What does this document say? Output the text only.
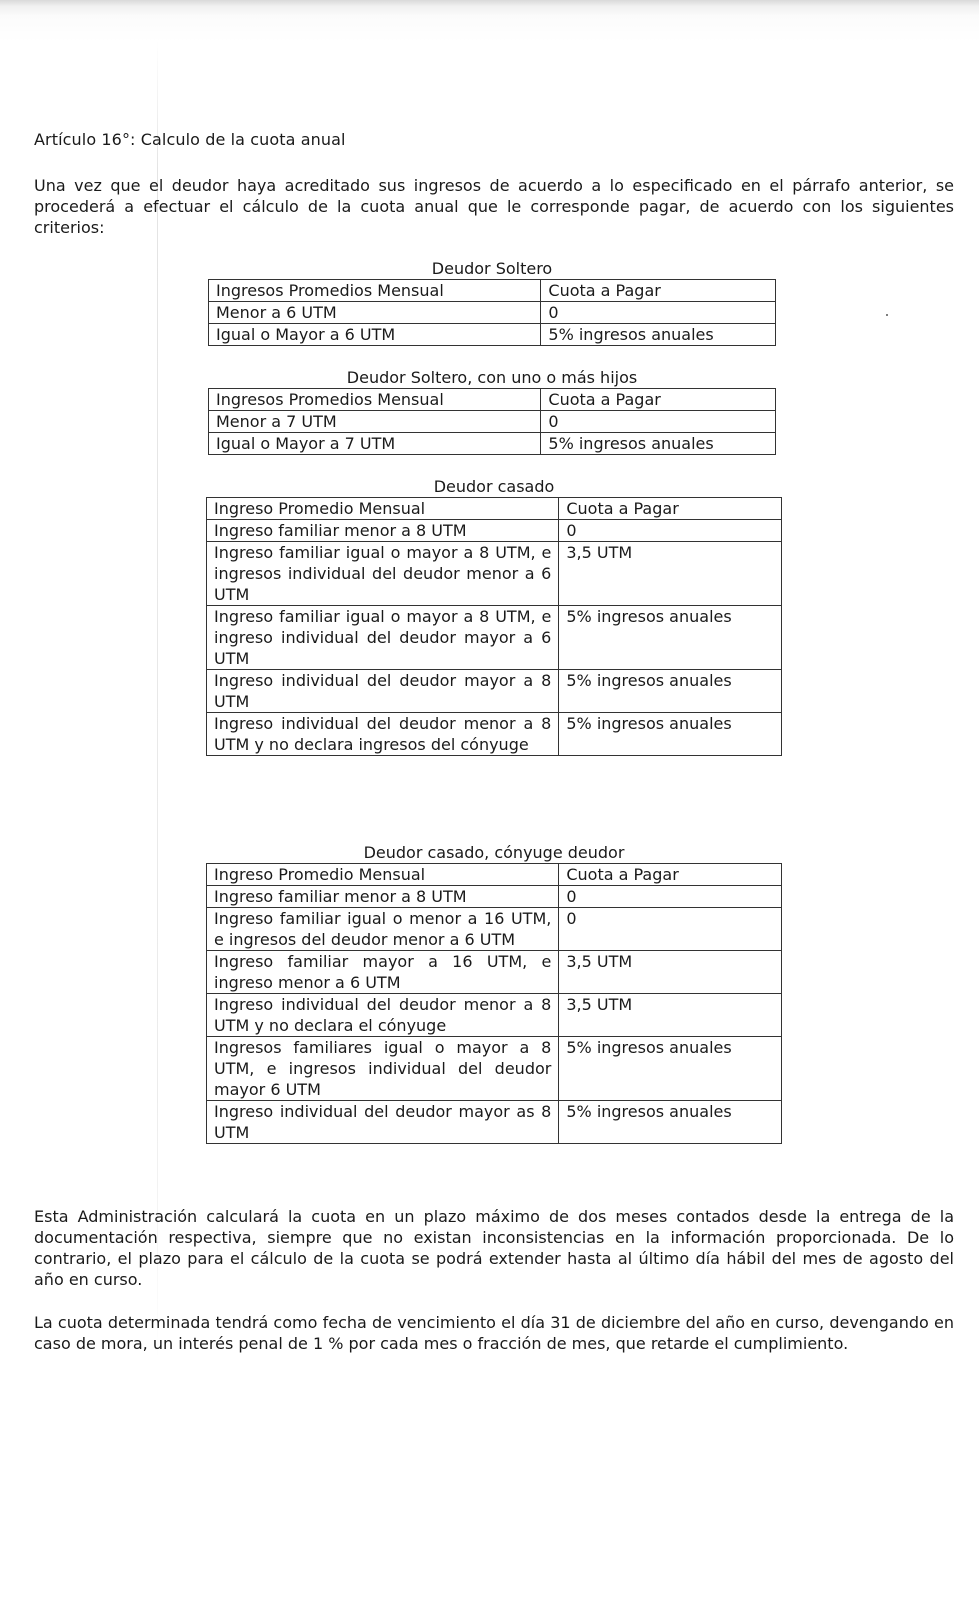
Artículo 16°: Calculo de la cuota anual

Una vez que el deudor haya acreditado sus ingresos de acuerdo a lo especificado en el párrafo anterior, se procederá a efectuar el cálculo de la cuota anual que le corresponde pagar, de acuerdo con los siguientes criterios:

Deudor Soltero
Ingresos Promedios Mensual	Cuota a Pagar
Menor a 6 UTM	0
Igual o Mayor a 6 UTM	5% ingresos anuales
Deudor Soltero, con uno o más hijos
Ingresos Promedios Mensual	Cuota a Pagar
Menor a 7 UTM	0
Igual o Mayor a 7 UTM	5% ingresos anuales
Deudor casado
Ingreso Promedio Mensual	Cuota a Pagar
Ingreso familiar menor a 8 UTM	0
Ingreso familiar igual o mayor a 8 UTM, e ingresos individual del deudor menor a 6 UTM	3,5 UTM
Ingreso familiar igual o mayor a 8 UTM, e ingreso individual del deudor mayor a 6 UTM	5% ingresos anuales
Ingreso individual del deudor mayor a 8 UTM	5% ingresos anuales
Ingreso individual del deudor menor a 8 UTM y no declara ingresos del cónyuge	5% ingresos anuales
Deudor casado, cónyuge deudor
Ingreso Promedio Mensual	Cuota a Pagar
Ingreso familiar menor a 8 UTM	0
Ingreso familiar igual o menor a 16 UTM, e ingresos del deudor menor a 6 UTM	0
Ingreso familiar mayor a 16 UTM, e ingreso menor a 6 UTM	3,5 UTM
Ingreso individual del deudor menor a 8 UTM y no declara el cónyuge	3,5 UTM
Ingresos familiares igual o mayor a 8 UTM, e ingresos individual del deudor mayor 6 UTM	5% ingresos anuales
Ingreso individual del deudor mayor as 8 UTM	5% ingresos anuales

Esta Administración calculará la cuota en un plazo máximo de dos meses contados desde la entrega de la documentación respectiva, siempre que no existan inconsistencias en la información proporcionada. De lo contrario, el plazo para el cálculo de la cuota se podrá extender hasta al último día hábil del mes de agosto del año en curso.

La cuota determinada tendrá como fecha de vencimiento el día 31 de diciembre del año en curso, devengando en caso de mora, un interés penal de 1 % por cada mes o fracción de mes, que retarde el cumplimiento.
